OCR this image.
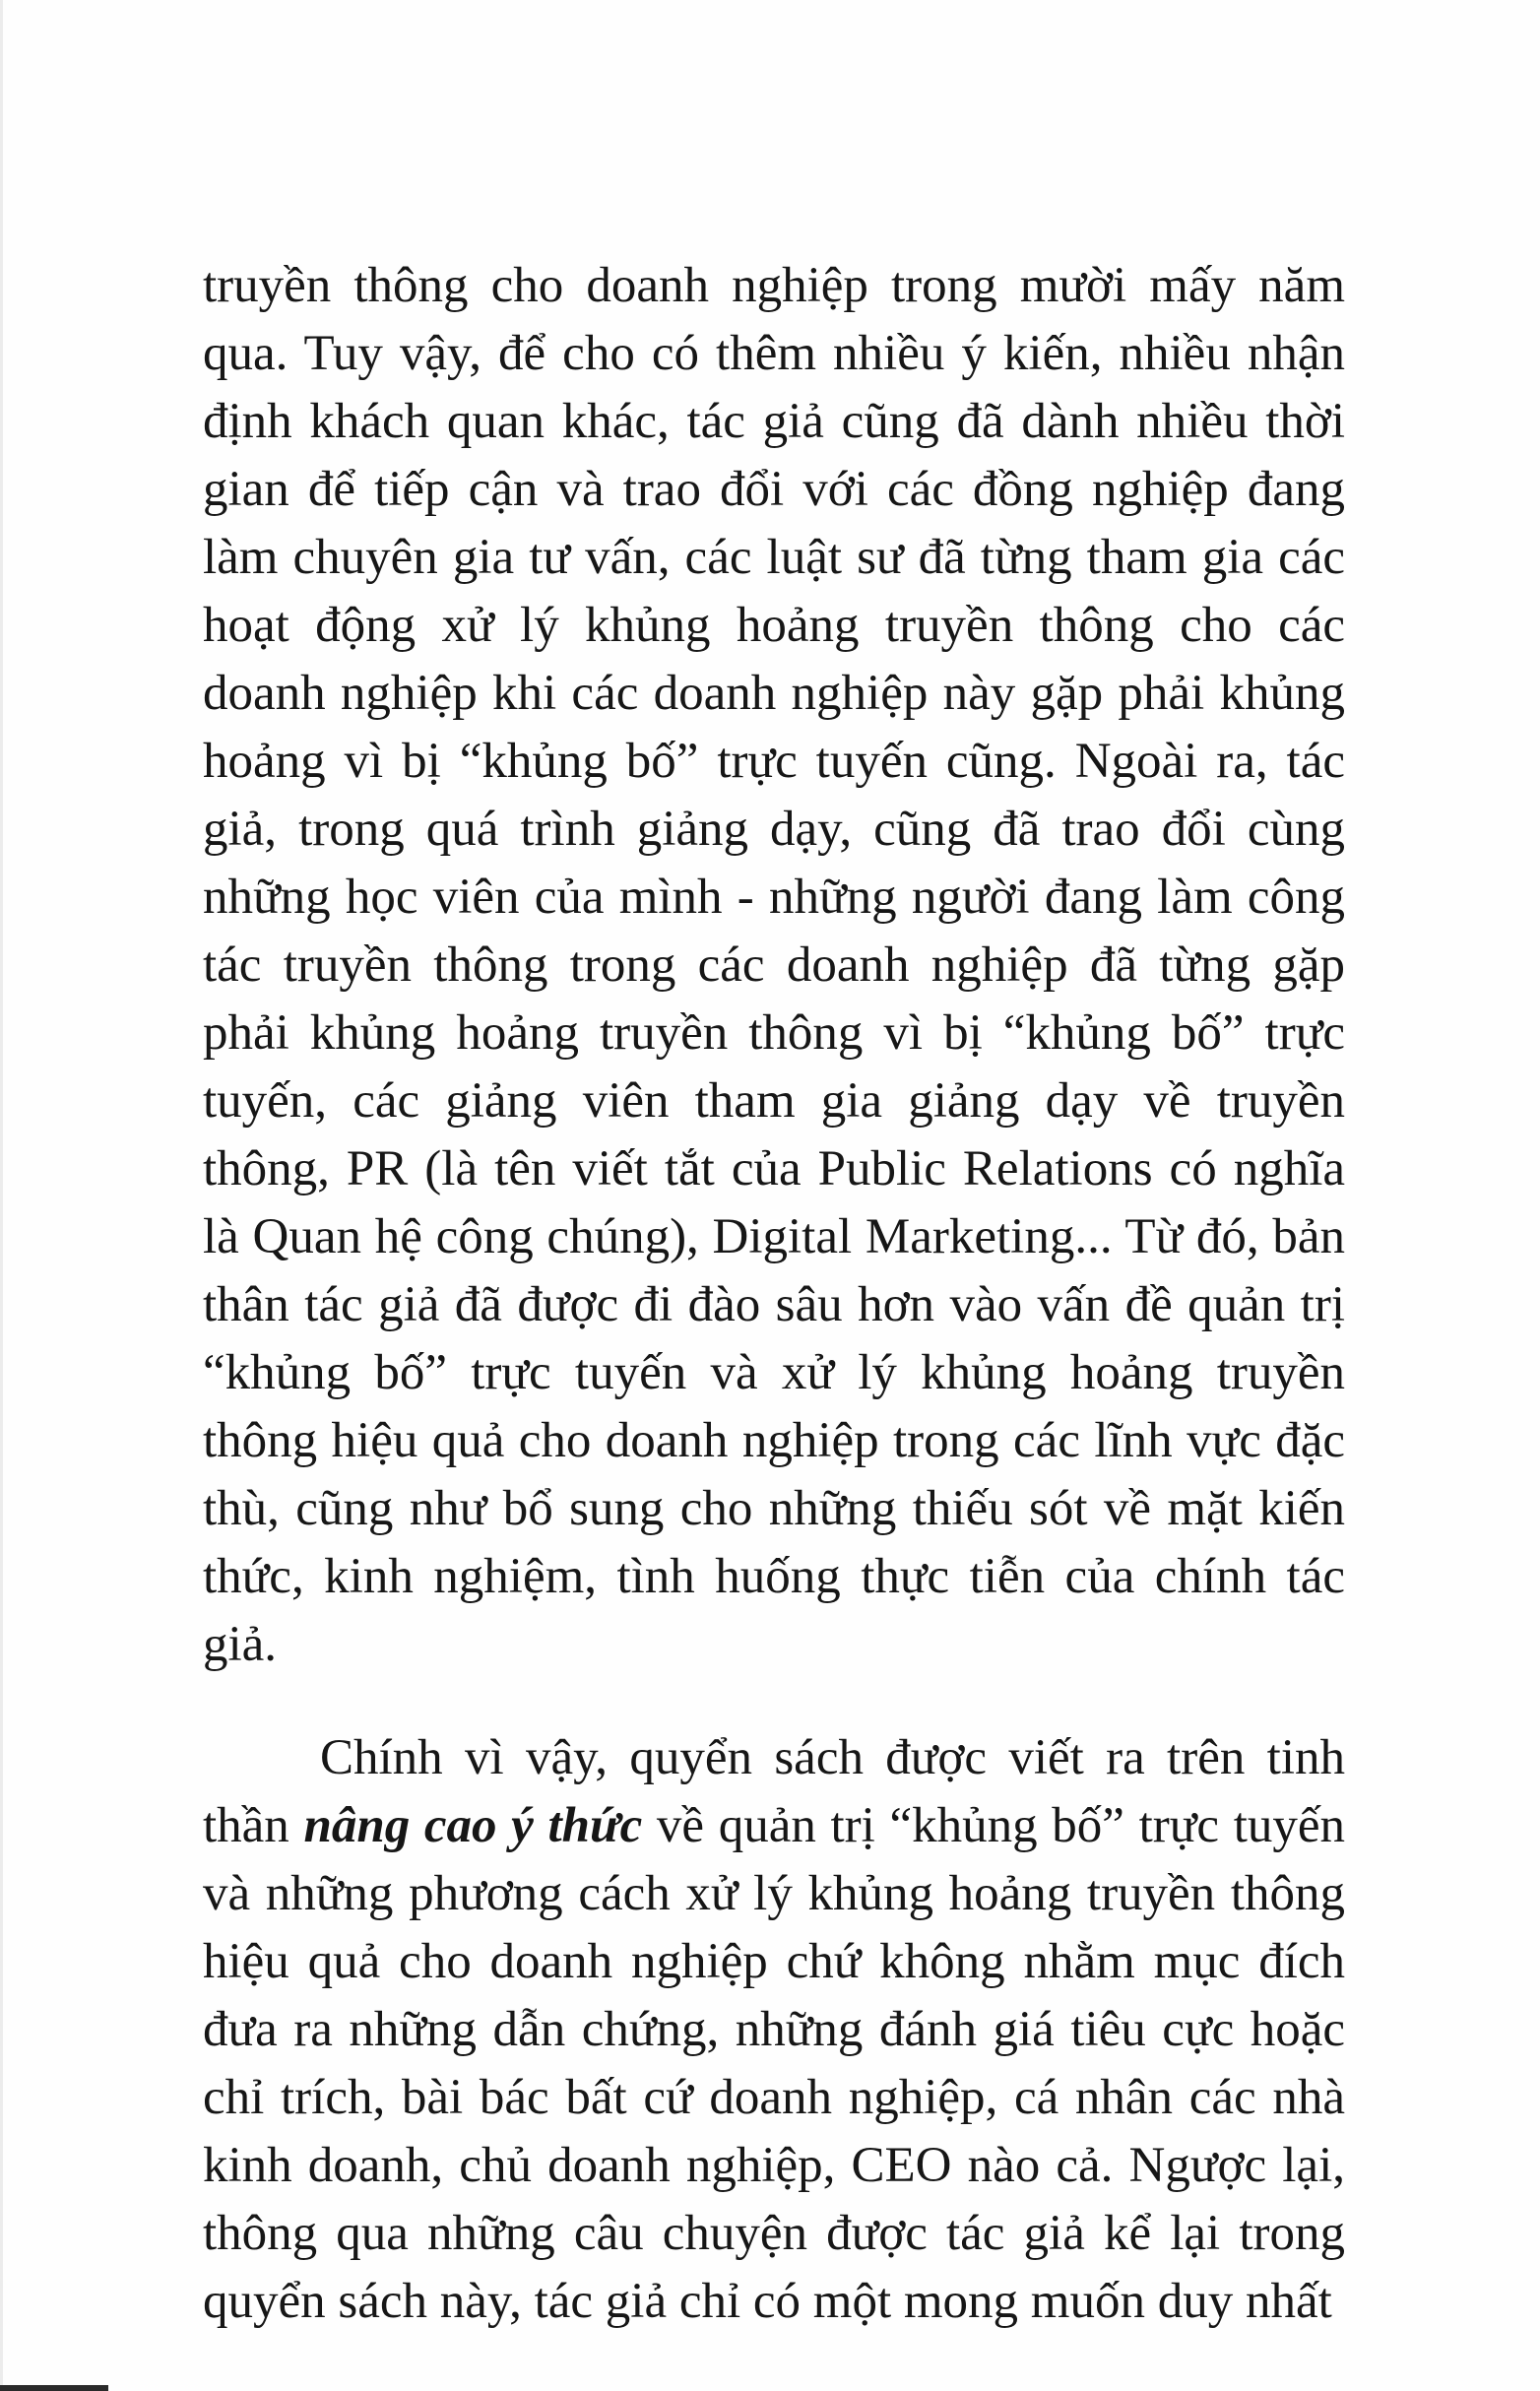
truyền thông cho doanh nghiệp trong mười mấy năm qua. Tuy vậy, để cho có thêm nhiều ý kiến, nhiều nhận định khách quan khác, tác giả cũng đã dành nhiều thời gian để tiếp cận và trao đổi với các đồng nghiệp đang làm chuyên gia tư vấn, các luật sư đã từng tham gia các hoạt động xử lý khủng hoảng truyền thông cho các doanh nghiệp khi các doanh nghiệp này gặp phải khủng hoảng vì bị “khủng bố” trực tuyến cũng. Ngoài ra, tác giả, trong quá trình giảng dạy, cũng đã trao đổi cùng những học viên của mình - những người đang làm công tác truyền thông trong các doanh nghiệp đã từng gặp phải khủng hoảng truyền thông vì bị “khủng bố” trực tuyến, các giảng viên tham gia giảng dạy về truyền thông, PR (là tên viết tắt của Public Relations có nghĩa là Quan hệ công chúng), Digital Marketing... Từ đó, bản thân tác giả đã được đi đào sâu hơn vào vấn đề quản trị “khủng bố” trực tuyến và xử lý khủng hoảng truyền thông hiệu quả cho doanh nghiệp trong các lĩnh vực đặc thù, cũng như bổ sung cho những thiếu sót về mặt kiến thức, kinh nghiệm, tình huống thực tiễn của chính tác giả.

Chính vì vậy, quyển sách được viết ra trên tinh thần nâng cao ý thức về quản trị “khủng bố” trực tuyến và những phương cách xử lý khủng hoảng truyền thông hiệu quả cho doanh nghiệp chứ không nhằm mục đích đưa ra những dẫn chứng, những đánh giá tiêu cực hoặc chỉ trích, bài bác bất cứ doanh nghiệp, cá nhân các nhà kinh doanh, chủ doanh nghiệp, CEO nào cả. Ngược lại, thông qua những câu chuyện được tác giả kể lại trong quyển sách này, tác giả chỉ có một mong muốn duy nhất
